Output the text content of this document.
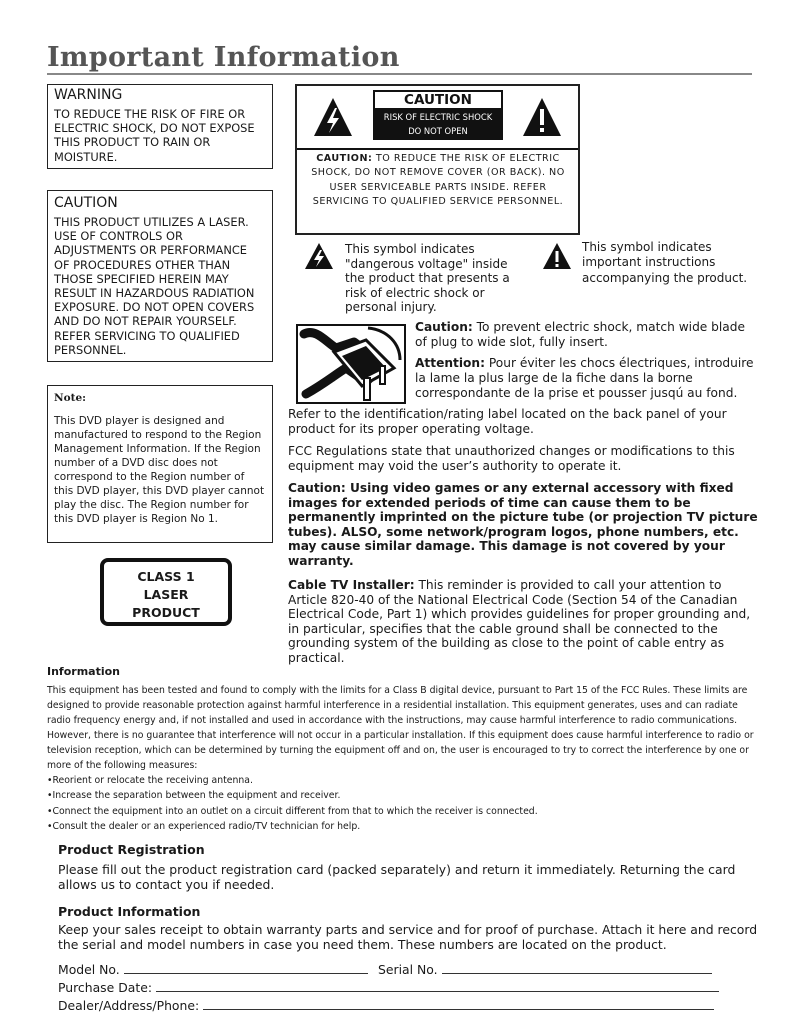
Important Information
WARNING

TO REDUCE THE RISK OF FIRE OR ELECTRIC SHOCK, DO NOT EXPOSE THIS PRODUCT TO RAIN OR MOISTURE.

CAUTION

THIS PRODUCT UTILIZES A LASER. USE OF CONTROLS OR ADJUSTMENTS OR PERFORMANCE OF PROCEDURES OTHER THAN THOSE SPECIFIED HEREIN MAY RESULT IN HAZARDOUS RADIATION EXPOSURE. DO NOT OPEN COVERS AND DO NOT REPAIR YOURSELF. REFER SERVICING TO QUALIFIED PERSONNEL.

Note:

This DVD player is designed and manufactured to respond to the Region Management Information. If the Region number of a DVD disc does not correspond to the Region number of this DVD player, this DVD player cannot play the disc. The Region number for this DVD player is Region No 1.

CLASS 1
LASER
PRODUCT
CAUTION
RISK OF ELECTRIC SHOCK
DO NOT OPEN
CAUTION: TO REDUCE THE RISK OF ELECTRIC SHOCK, DO NOT REMOVE COVER (OR BACK). NO USER SERVICEABLE PARTS INSIDE. REFER SERVICING TO QUALIFIED SERVICE PERSONNEL.
This symbol indicates "dangerous voltage" inside the product that presents a risk of electric shock or personal injury.
This symbol indicates important instructions accompanying the product.
Caution: To prevent electric shock, match wide blade of plug to wide slot, fully insert.
Attention: Pour éviter les chocs électriques, introduire la lame la plus large de la fiche dans la borne correspondante de la prise et pousser jusqú au fond.

Refer to the identification/rating label located on the back panel of your product for its proper operating voltage.

FCC Regulations state that unauthorized changes or modifications to this equipment may void the user’s authority to operate it.

Caution: Using video games or any external accessory with fixed images for extended periods of time can cause them to be permanently imprinted on the picture tube (or projection TV picture tubes). ALSO, some network/program logos, phone numbers, etc. may cause similar damage. This damage is not covered by your warranty.

Cable TV Installer: This reminder is provided to call your attention to Article 820-40 of the National Electrical Code (Section 54 of the Canadian Electrical Code, Part 1) which provides guidelines for proper grounding and, in particular, specifies that the cable ground shall be connected to the grounding system of the building as close to the point of cable entry as practical.
Information

This equipment has been tested and found to comply with the limits for a Class B digital device, pursuant to Part 15 of the FCC Rules. These limits are designed to provide reasonable protection against harmful interference in a residential installation. This equipment generates, uses and can radiate radio frequency energy and, if not installed and used in accordance with the instructions, may cause harmful interference to radio communications. However, there is no guarantee that interference will not occur in a particular installation. If this equipment does cause harmful interference to radio or television reception, which can be determined by turning the equipment off and on, the user is encouraged to try to correct the interference by one or more of the following measures:

• Reorient or relocate the receiving antenna.
• Increase the separation between the equipment and receiver.
• Connect the equipment into an outlet on a circuit different from that to which the receiver is connected.
• Consult the dealer or an experienced radio/TV technician for help.
Product Registration

Please fill out the product registration card (packed separately) and return it immediately. Returning the card allows us to contact you if needed.

Product Information

Keep your sales receipt to obtain warranty parts and service and for proof of purchase. Attach it here and record the serial and model numbers in case you need them. These numbers are located on the product.

Model No.	Serial No.
Purchase Date:
Dealer/Address/Phone:
